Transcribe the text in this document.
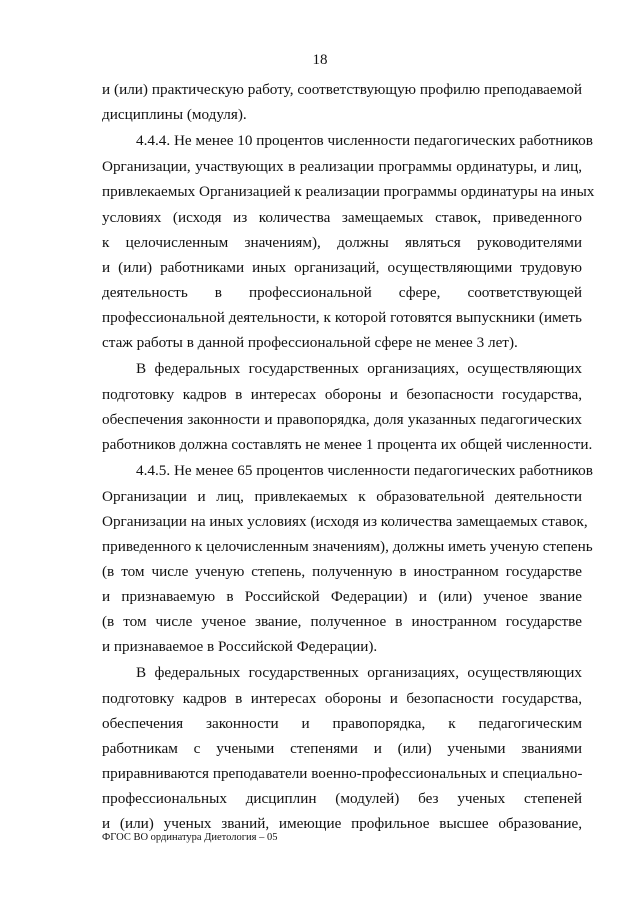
18
и (или) практическую работу, соответствующую профилю преподаваемой
дисциплины (модуля).
4.4.4. Не менее 10 процентов численности педагогических работников
Организации, участвующих в реализации программы ординатуры, и лиц,
привлекаемых Организацией к реализации программы ординатуры на иных
условиях (исходя из количества замещаемых ставок, приведенного
к целочисленным значениям), должны являться руководителями
и (или) работниками иных организаций, осуществляющими трудовую
деятельность в профессиональной сфере, соответствующей
профессиональной деятельности, к которой готовятся выпускники (иметь
стаж работы в данной профессиональной сфере не менее 3 лет).
В федеральных государственных организациях, осуществляющих
подготовку кадров в интересах обороны и безопасности государства,
обеспечения законности и правопорядка, доля указанных педагогических
работников должна составлять не менее 1 процента их общей численности.
4.4.5. Не менее 65 процентов численности педагогических работников
Организации и лиц, привлекаемых к образовательной деятельности
Организации на иных условиях (исходя из количества замещаемых ставок,
приведенного к целочисленным значениям), должны иметь ученую степень
(в том числе ученую степень, полученную в иностранном государстве
и признаваемую в Российской Федерации) и (или) ученое звание
(в том числе ученое звание, полученное в иностранном государстве
и признаваемое в Российской Федерации).
В федеральных государственных организациях, осуществляющих
подготовку кадров в интересах обороны и безопасности государства,
обеспечения законности и правопорядка, к педагогическим
работникам с учеными степенями и (или) учеными званиями
приравниваются преподаватели военно-профессиональных и специально-
профессиональных дисциплин (модулей) без ученых степеней
и (или) ученых званий, имеющие профильное высшее образование,
ФГОС ВО ординатура Диетология – 05
